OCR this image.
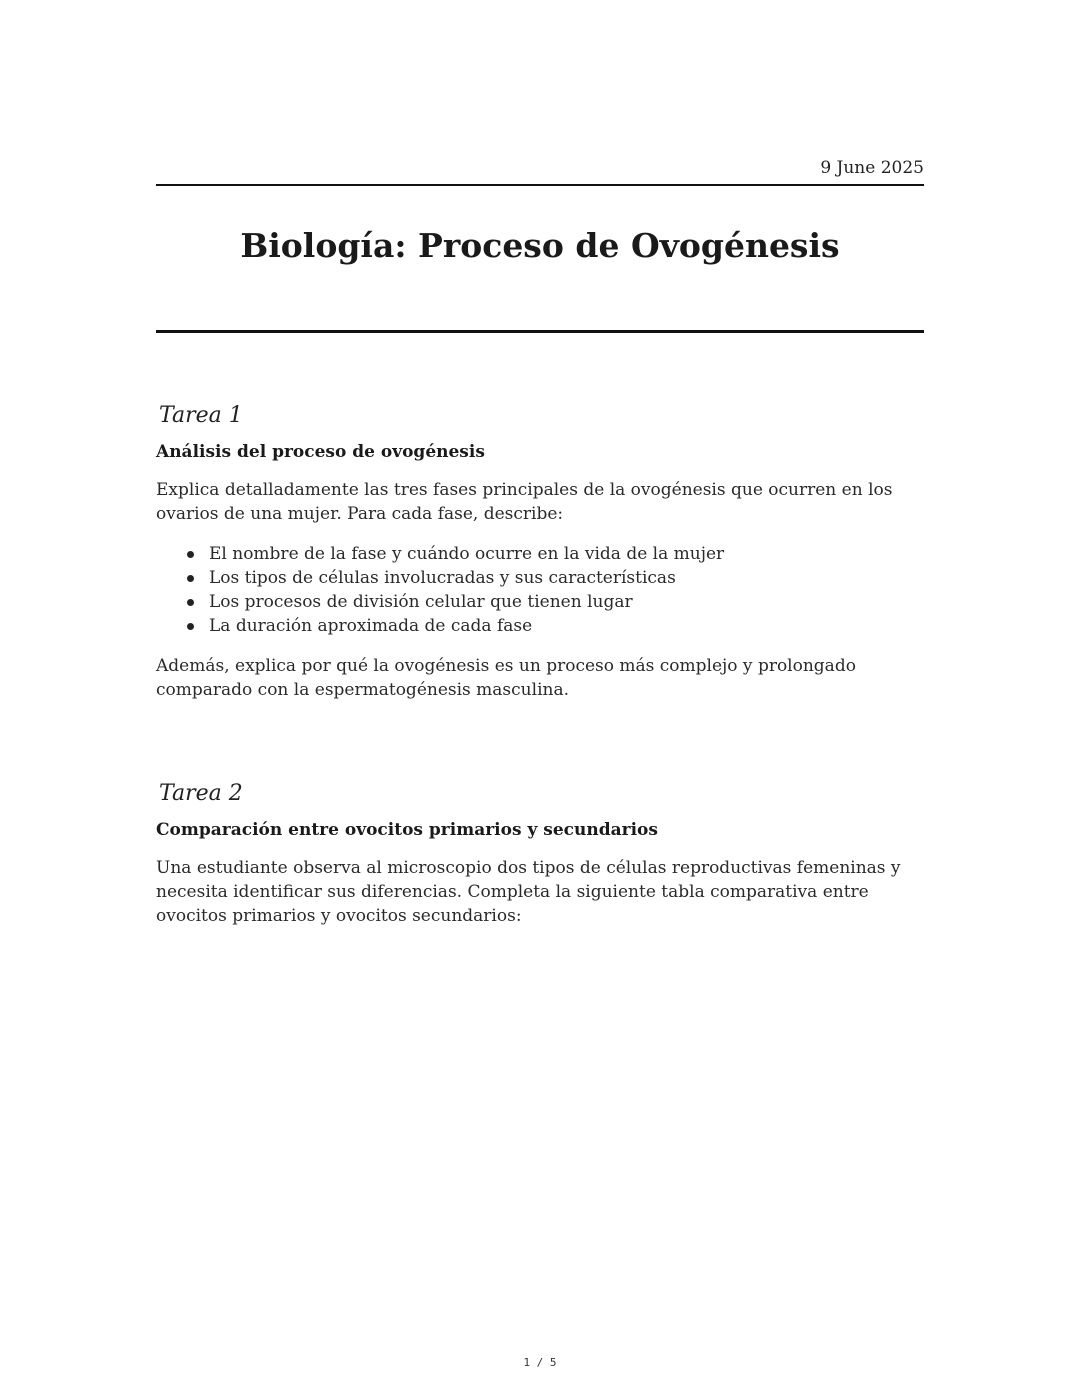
9 June 2025
Biología: Proceso de Ovogénesis
Tarea 1
Análisis del proceso de ovogénesis

Explica detalladamente las tres fases principales de la ovogénesis que ocurren en los ovarios de una mujer. Para cada fase, describe:

El nombre de la fase y cuándo ocurre en la vida de la mujer
Los tipos de células involucradas y sus características
Los procesos de división celular que tienen lugar
La duración aproximada de cada fase

Además, explica por qué la ovogénesis es un proceso más complejo y prolongado comparado con la espermatogénesis masculina.

Tarea 2
Comparación entre ovocitos primarios y secundarios

Una estudiante observa al microscopio dos tipos de células reproductivas femeninas y necesita identificar sus diferencias. Completa la siguiente tabla comparativa entre ovocitos primarios y ovocitos secundarios:

1 / 5
